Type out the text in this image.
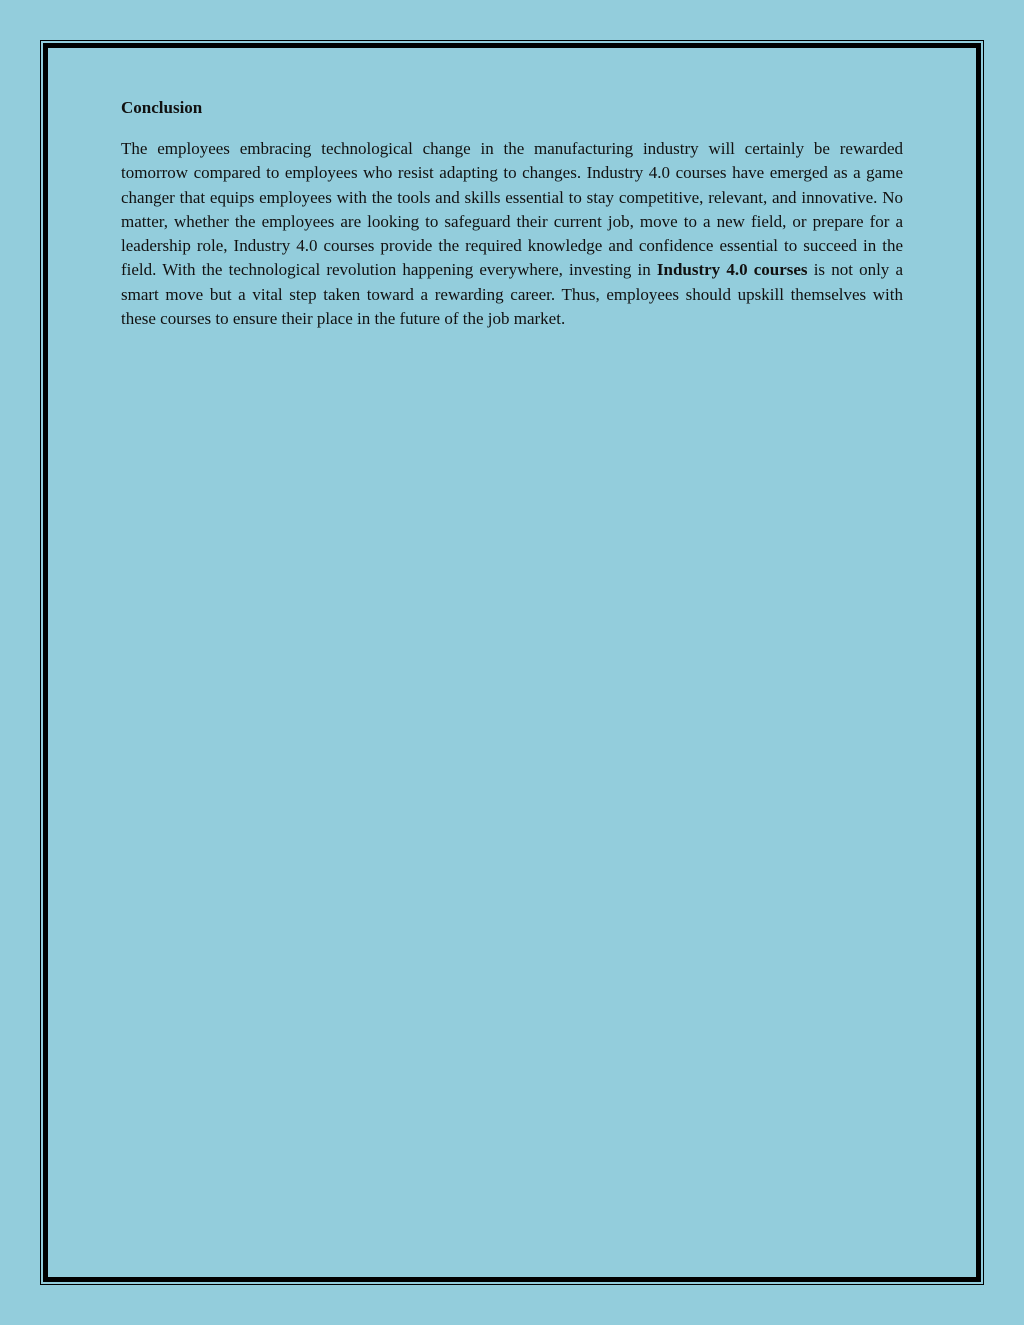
Conclusion

The employees embracing technological change in the manufacturing industry will certainly be rewarded tomorrow compared to employees who resist adapting to changes. Industry 4.0 courses have emerged as a game changer that equips employees with the tools and skills essential to stay competitive, relevant, and innovative. No matter, whether the employees are looking to safeguard their current job, move to a new field, or prepare for a leadership role, Industry 4.0 courses provide the required knowledge and confidence essential to succeed in the field. With the technological revolution happening everywhere, investing in Industry 4.0 courses is not only a smart move but a vital step taken toward a rewarding career. Thus, employees should upskill themselves with these courses to ensure their place in the future of the job market.
